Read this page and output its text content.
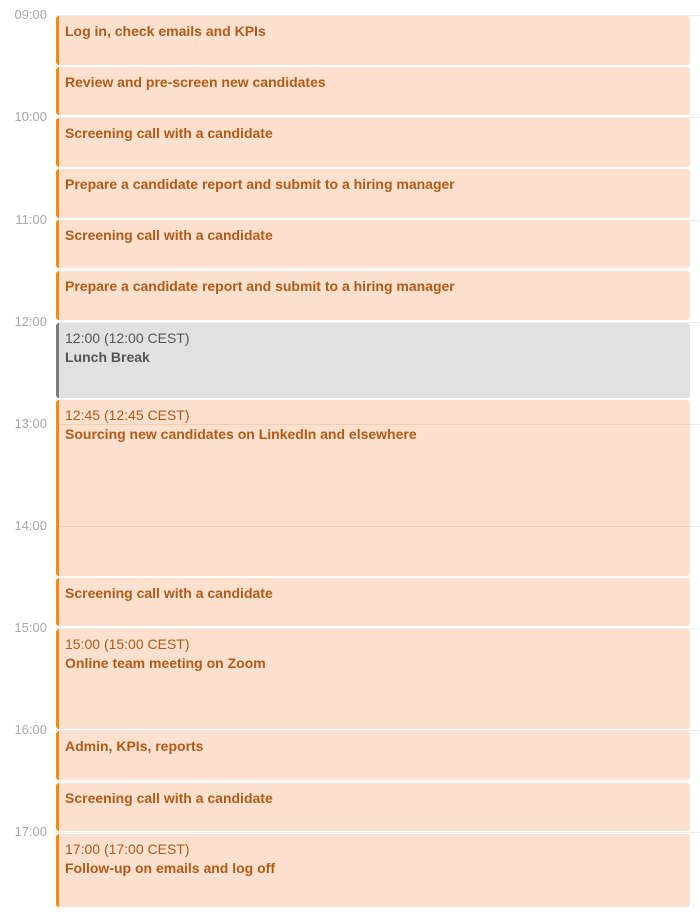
09:00
10:00
11:00
12:00
13:00
14:00
15:00
16:00
17:00
Log in, check emails and KPIs
Review and pre-screen new candidates
Screening call with a candidate
Prepare a candidate report and submit to a hiring manager
Screening call with a candidate
Prepare a candidate report and submit to a hiring manager
12:00 (12:00 CEST)
Lunch Break
12:45 (12:45 CEST)
Sourcing new candidates on LinkedIn and elsewhere
Screening call with a candidate
15:00 (15:00 CEST)
Online team meeting on Zoom
Admin, KPIs, reports
Screening call with a candidate
17:00 (17:00 CEST)
Follow-up on emails and log off
